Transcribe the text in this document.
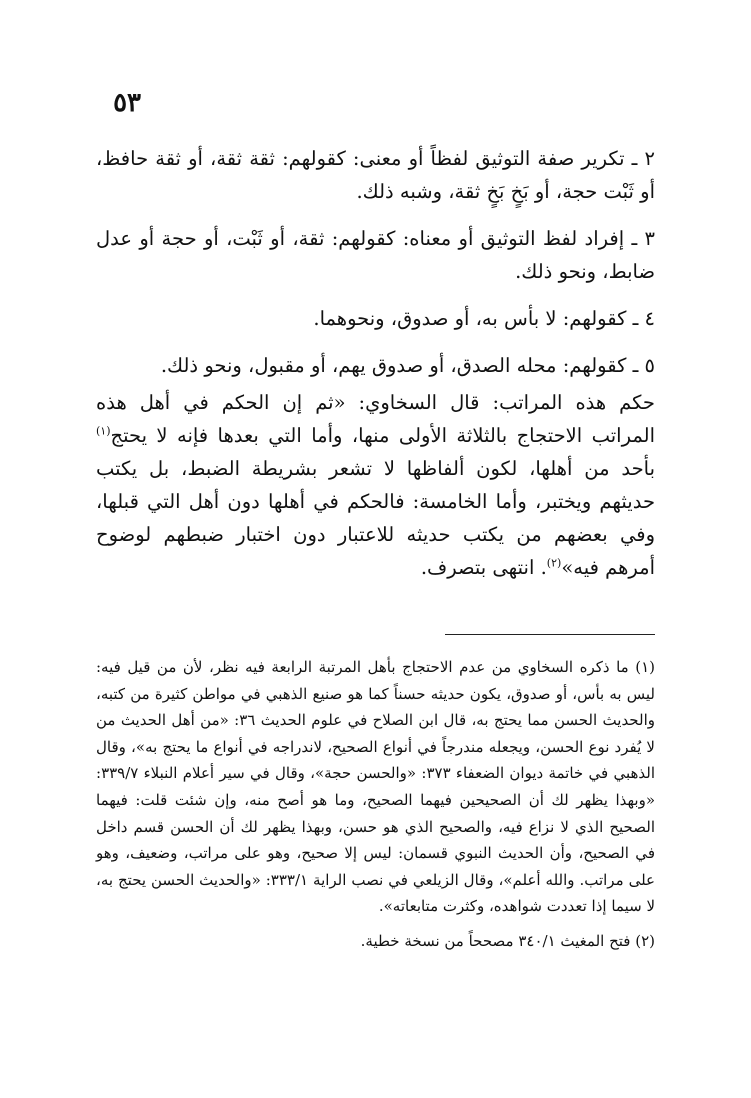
٥٣

٢ ـ تكرير صفة التوثيق لفظاً أو معنى: كقولهم: ثقة ثقة، أو ثقة حافظ، أو ثَبْت حجة، أو بَخٍ بَخٍ ثقة، وشبه ذلك.

٣ ـ إفراد لفظ التوثيق أو معناه: كقولهم: ثقة، أو ثَبْت، أو حجة أو عدل ضابط، ونحو ذلك.

٤ ـ كقولهم: لا بأس به، أو صدوق، ونحوهما.

٥ ـ كقولهم: محله الصدق، أو صدوق يهم، أو مقبول، ونحو ذلك.

حكم هذه المراتب: قال السخاوي: «ثم إن الحكم في أهل هذه المراتب الاحتجاج بالثلاثة الأولى منها، وأما التي بعدها فإنه لا يحتج$^{(١)}$ بأحد من أهلها، لكون ألفاظها لا تشعر بشريطة الضبط، بل يكتب حديثهم ويختبر، وأما الخامسة: فالحكم في أهلها دون أهل التي قبلها، وفي بعضهم من يكتب حديثه للاعتبار دون اختبار ضبطهم لوضوح أمرهم فيه»$^{(٢)}$. انتهى بتصرف.

(١) ما ذكره السخاوي من عدم الاحتجاج بأهل المرتبة الرابعة فيه نظر، لأن من قيل فيه: ليس به بأس، أو صدوق، يكون حديثه حسناً كما هو صنيع الذهبي في مواطن كثيرة من كتبه، والحديث الحسن مما يحتج به، قال ابن الصلاح في علوم الحديث ٣٦: «من أهل الحديث من لا يُفرد نوع الحسن، ويجعله مندرجاً في أنواع الصحيح، لاندراجه في أنواع ما يحتج به»، وقال الذهبي في خاتمة ديوان الضعفاء ٣٧٣: «والحسن حجة»، وقال في سير أعلام النبلاء ٣٣٩/٧: «وبهذا يظهر لك أن الصحيحين فيهما الصحيح، وما هو أصح منه، وإن شئت قلت: فيهما الصحيح الذي لا نزاع فيه، والصحيح الذي هو حسن، وبهذا يظهر لك أن الحسن قسم داخل في الصحيح، وأن الحديث النبوي قسمان: ليس إلا صحيح، وهو على مراتب، وضعيف، وهو على مراتب. والله أعلم»، وقال الزيلعي في نصب الراية ٣٣٣/١: «والحديث الحسن يحتج به، لا سيما إذا تعددت شواهده، وكثرت متابعاته».

(٢) فتح المغيث ٣٤٠/١ مصححاً من نسخة خطية.
